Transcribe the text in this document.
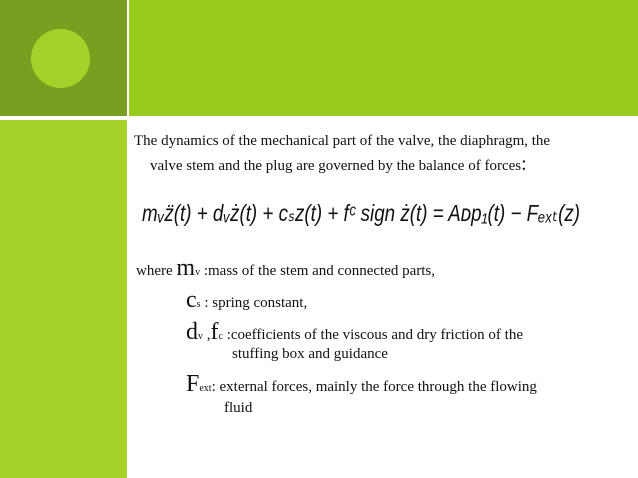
The dynamics of the mechanical part of the valve, the diaphragm, the
valve stem and the plug are governed by the balance of forces:
mᵥz̈(t) + dᵥż(t) + cₛz(t) + fᶜ sign ż(t) = Aᴅp₁(t) − Fₑₓₜ(z)
where mv :mass of the stem and connected parts,
cs : spring constant,
dv ,fc :coefficients of the viscous and dry friction of the
stuffing box and guidance
Fext: external forces, mainly the force through the flowing
fluid
